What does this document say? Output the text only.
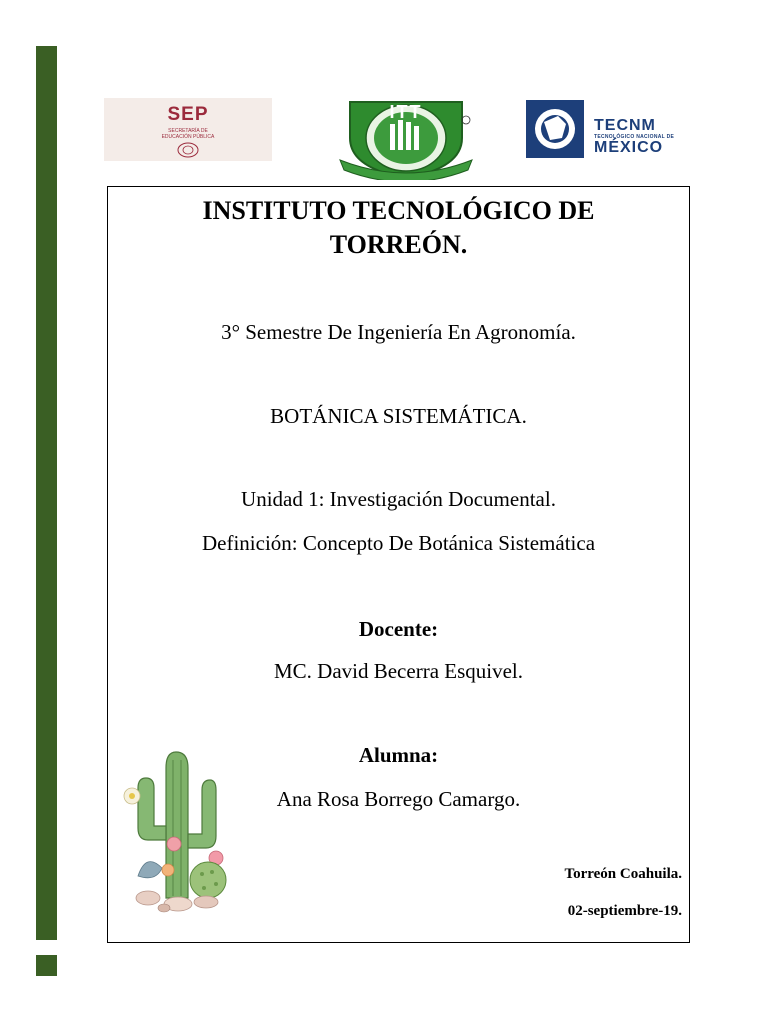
SEP
SECRETARÍA DE
EDUCACIÓN PÚBLICA
ITT
TECNM
TECNOLÓGICO NACIONAL DE
MÉXICO
INSTITUTO TECNOLÓGICO DE
TORREÓN.
3° Semestre De Ingeniería En Agronomía.
BOTÁNICA SISTEMÁTICA.
Unidad 1: Investigación Documental.
Definición: Concepto De Botánica Sistemática
Docente:
MC. David Becerra Esquivel.
Alumna:
Ana Rosa Borrego Camargo.
Torreón Coahuila.
02-septiembre-19.
